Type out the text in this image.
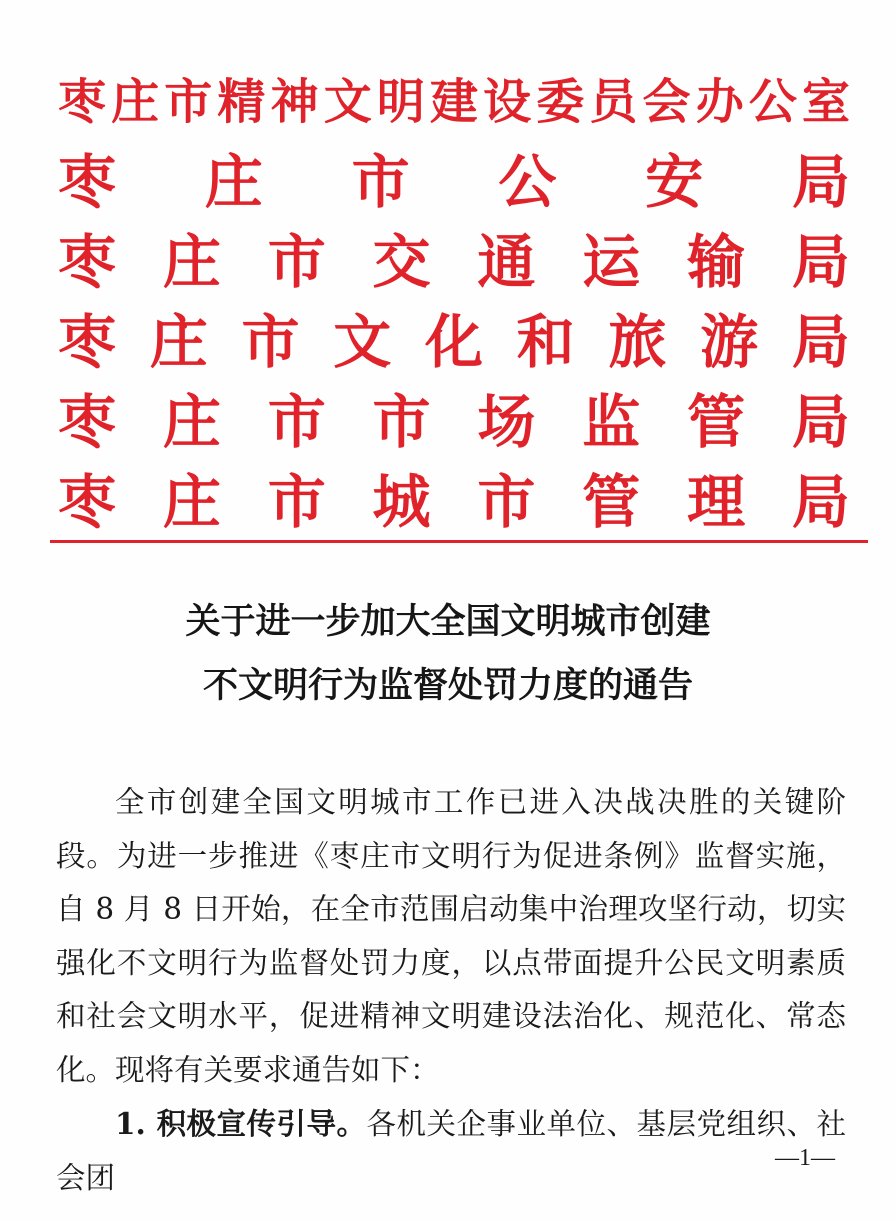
枣 庄 市 精 神 文 明 建 设 委 员 会 办 公 室
枣 庄 市 公 安 局
枣 庄 市 交 通 运 输 局
枣 庄 市 文 化 和 旅 游 局
枣 庄 市 市 场 监 管 局
枣 庄 市 城 市 管 理 局
关于进一步加大全国文明城市创建
不文明行为监督处罚力度的通告

全市创建全国文明城市工作已进入决战决胜的关键阶段。为进一步推进《枣庄市文明行为促进条例》监督实施，自 8 月 8 日开始，在全市范围启动集中治理攻坚行动，切实强化不文明行为监督处罚力度，以点带面提升公民文明素质和社会文明水平，促进精神文明建设法治化、规范化、常态化。现将有关要求通告如下：

1. 积极宣传引导。各机关企事业单位、基层党组织、社会团

—1—
